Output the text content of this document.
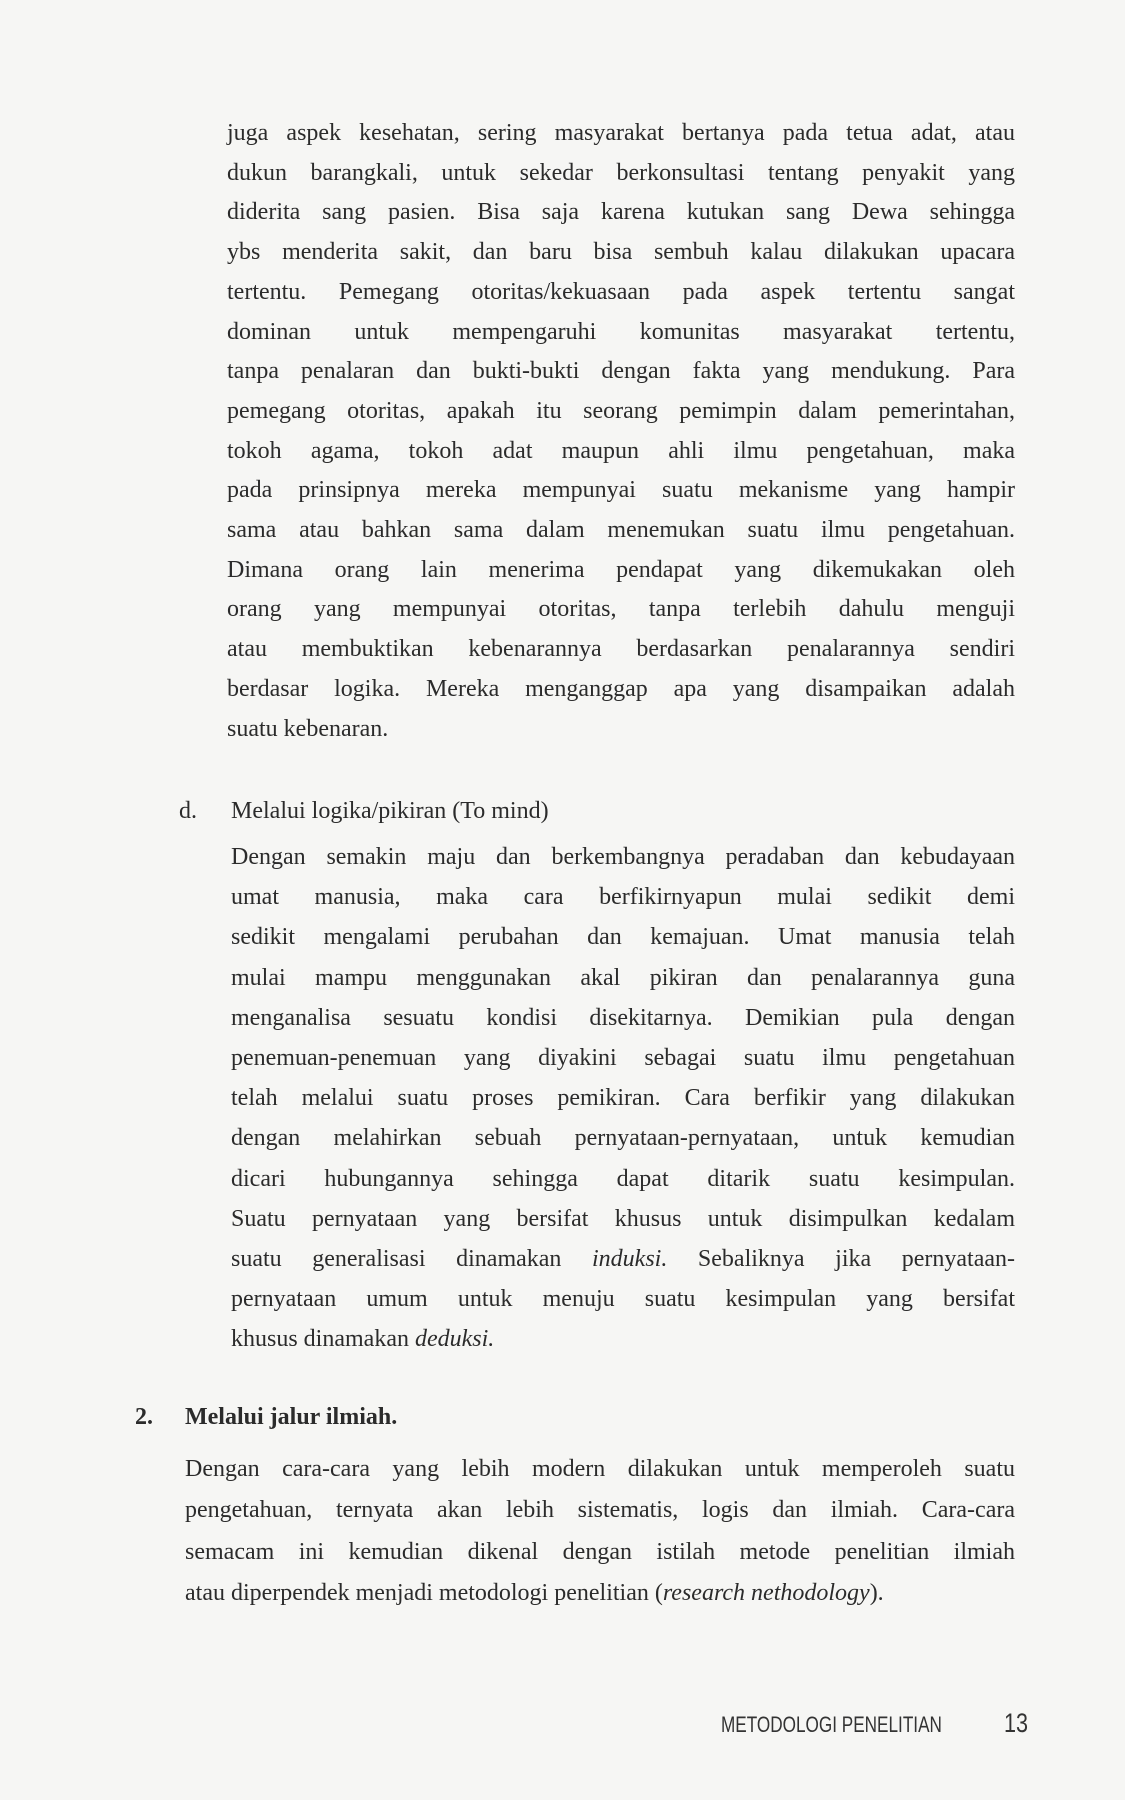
juga aspek kesehatan, sering masyarakat bertanya pada tetua adat, atau
dukun barangkali, untuk sekedar berkonsultasi tentang penyakit yang
diderita sang pasien. Bisa saja karena kutukan sang Dewa sehingga
ybs menderita sakit, dan baru bisa sembuh kalau dilakukan upacara
tertentu. Pemegang otoritas/kekuasaan pada aspek tertentu sangat
dominan untuk mempengaruhi komunitas masyarakat tertentu,
tanpa penalaran dan bukti-bukti dengan fakta yang mendukung. Para
pemegang otoritas, apakah itu seorang pemimpin dalam pemerintahan,
tokoh agama, tokoh adat maupun ahli ilmu pengetahuan, maka
pada prinsipnya mereka mempunyai suatu mekanisme yang hampir
sama atau bahkan sama dalam menemukan suatu ilmu pengetahuan.
Dimana orang lain menerima pendapat yang dikemukakan oleh
orang yang mempunyai otoritas, tanpa terlebih dahulu menguji
atau membuktikan kebenarannya berdasarkan penalarannya sendiri
berdasar logika. Mereka menganggap apa yang disampaikan adalah
suatu kebenaran.
d. Melalui logika/pikiran (To mind)
Dengan semakin maju dan berkembangnya peradaban dan kebudayaan
umat manusia, maka cara berfikirnyapun mulai sedikit demi
sedikit mengalami perubahan dan kemajuan. Umat manusia telah
mulai mampu menggunakan akal pikiran dan penalarannya guna
menganalisa sesuatu kondisi disekitarnya. Demikian pula dengan
penemuan-penemuan yang diyakini sebagai suatu ilmu pengetahuan
telah melalui suatu proses pemikiran. Cara berfikir yang dilakukan
dengan melahirkan sebuah pernyataan-pernyataan, untuk kemudian
dicari hubungannya sehingga dapat ditarik suatu kesimpulan.
Suatu pernyataan yang bersifat khusus untuk disimpulkan kedalam
suatu generalisasi dinamakan induksi. Sebaliknya jika pernyataan-
pernyataan umum untuk menuju suatu kesimpulan yang bersifat
khusus dinamakan deduksi.
2. Melalui jalur ilmiah.
Dengan cara-cara yang lebih modern dilakukan untuk memperoleh suatu
pengetahuan, ternyata akan lebih sistematis, logis dan ilmiah. Cara-cara
semacam ini kemudian dikenal dengan istilah metode penelitian ilmiah
atau diperpendek menjadi metodologi penelitian (research nethodology).
METODOLOGI PENELITIAN 13
